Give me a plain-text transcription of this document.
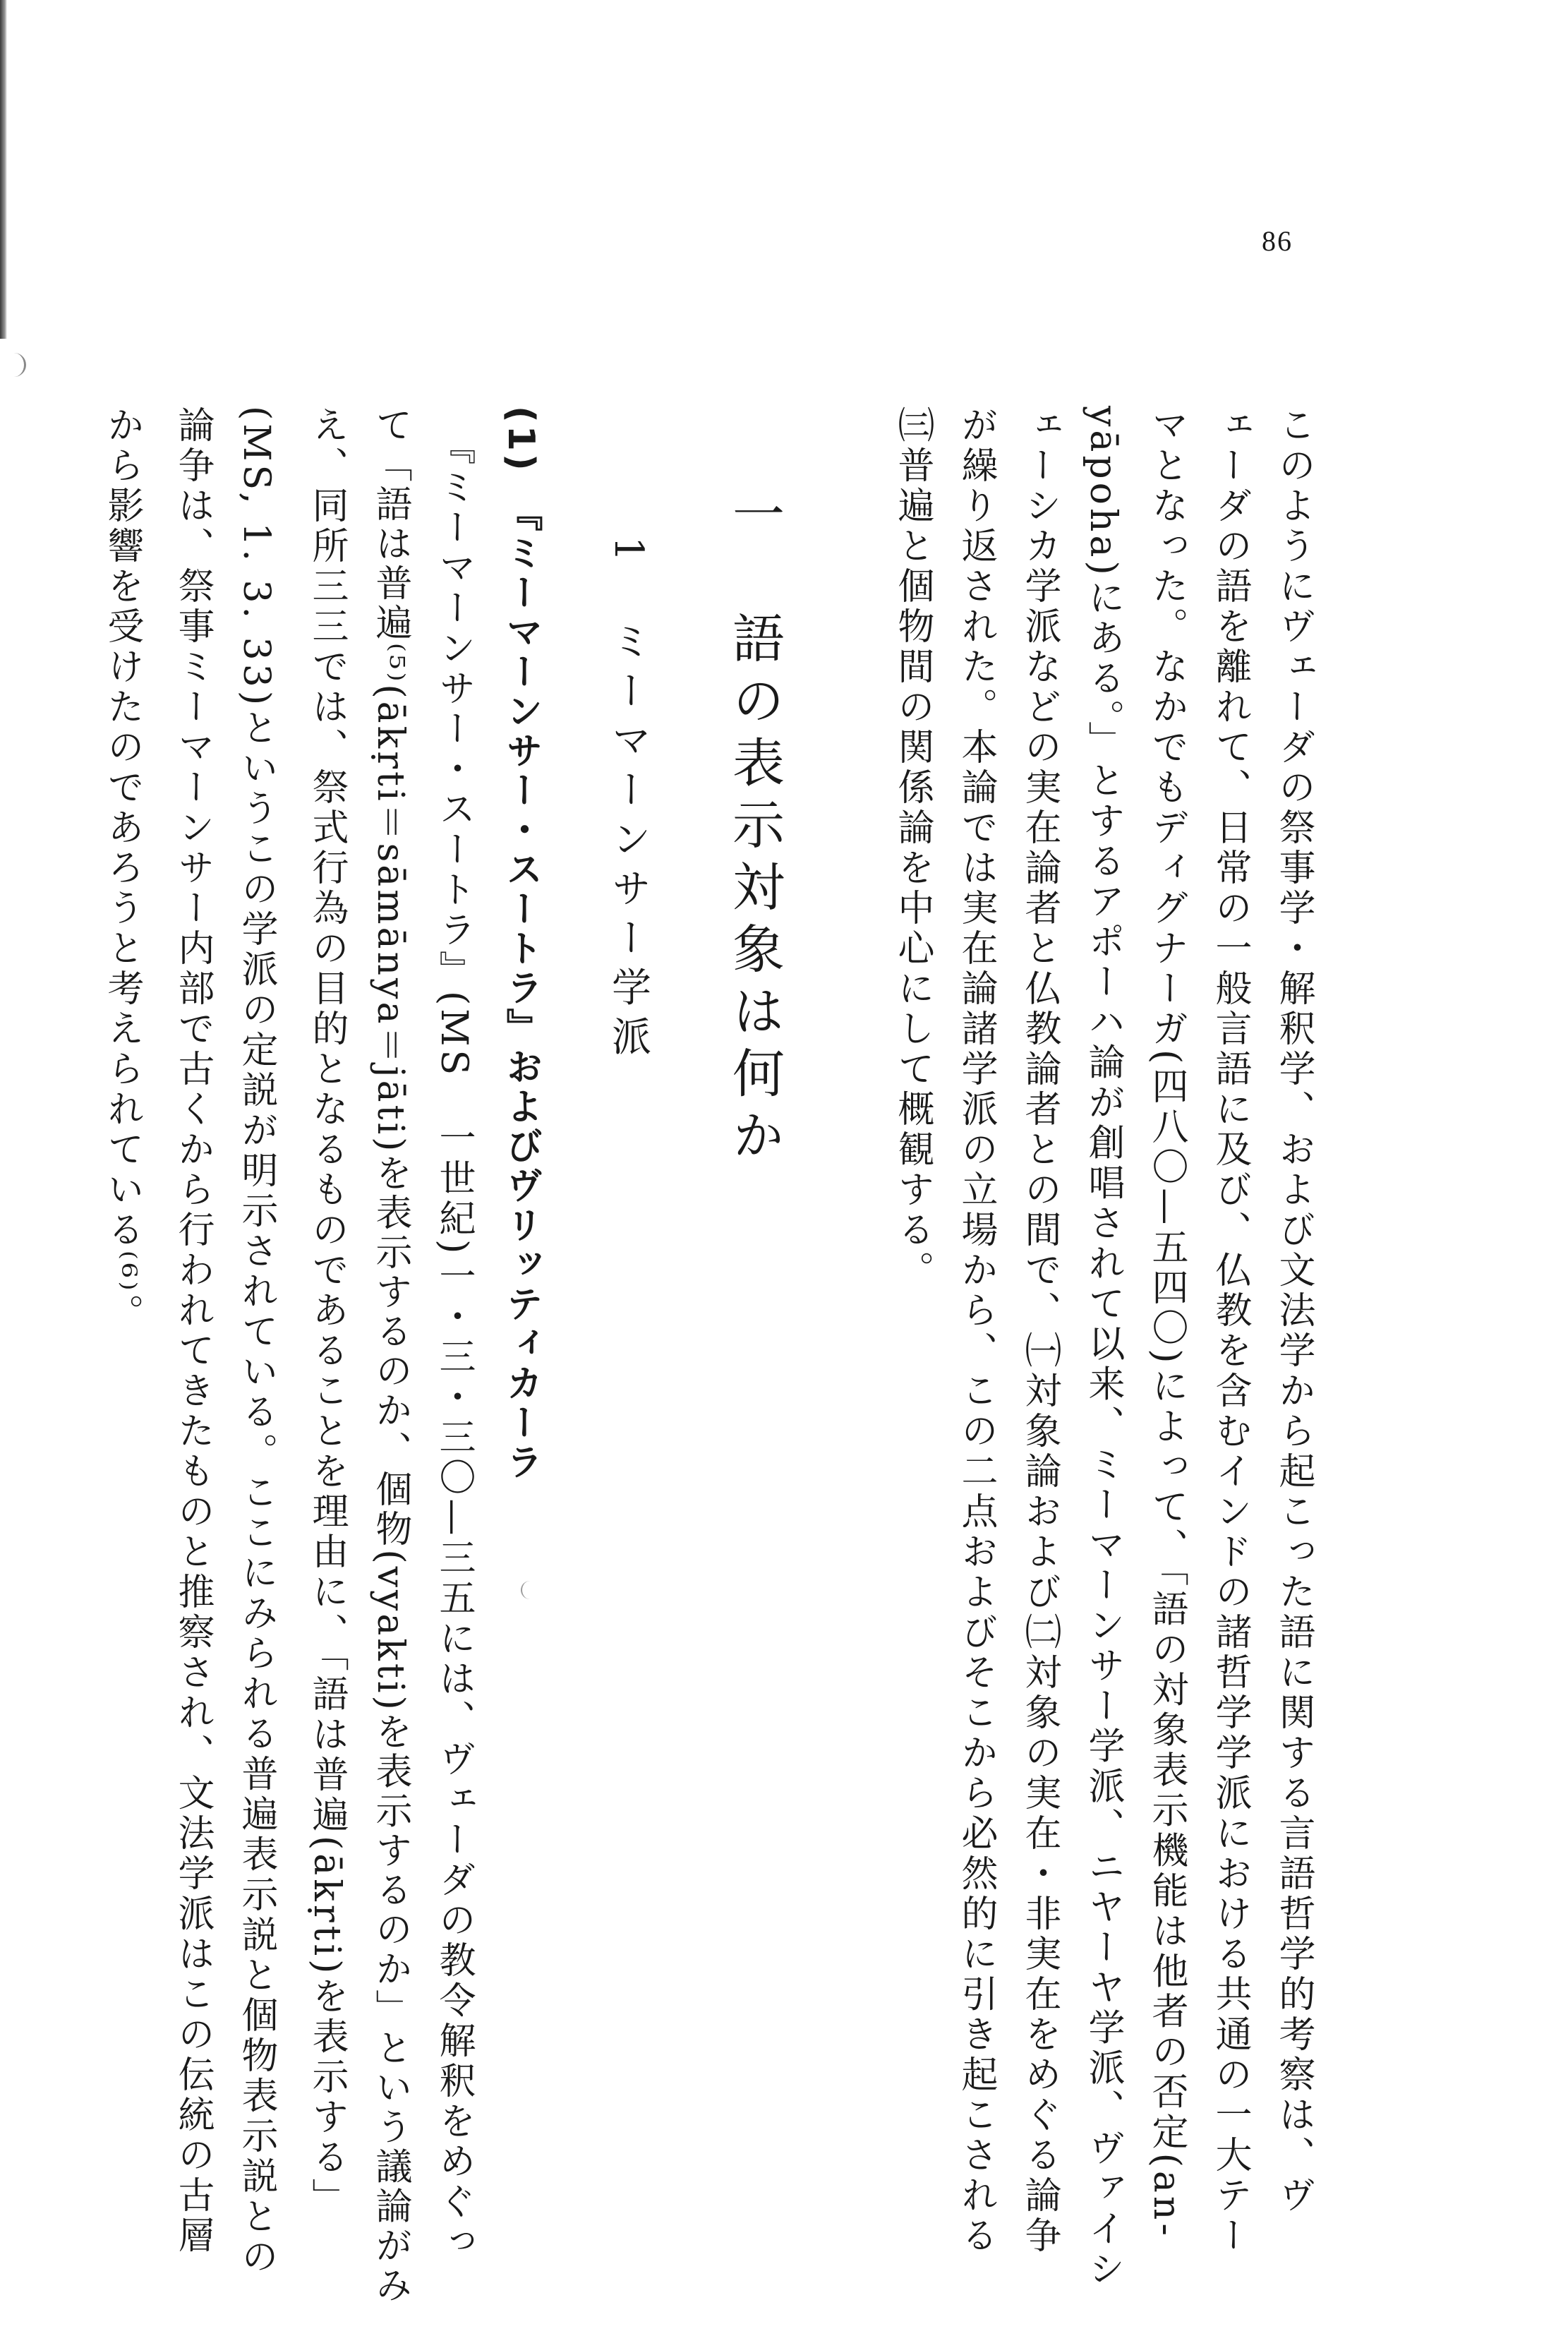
86
このようにヴェーダの祭事学・解釈学、および文法学から起こった語に関する言語哲学的考察は、ヴ
ェーダの語を離れて、日常の一般言語に及び、仏教を含むインドの諸哲学学派における共通の一大テー
マとなった。なかでもディグナーガ(四八〇—五四〇)によって、「語の対象表示機能は他者の否定(an-
yāpoha)にある。」とするアポーハ論が創唱されて以来、ミーマーンサー学派、ニヤーヤ学派、ヴァイシ
ェーシカ学派などの実在論者と仏教論者との間で、㈠対象論および㈡対象の実在・非実在をめぐる論争
が繰り返された。本論では実在論諸学派の立場から、この二点およびそこから必然的に引き起こされる
㈢普遍と個物間の関係論を中心にして概観する。
一　語の表示対象は何か
1　ミーマーンサー学派
(1)　『ミーマーンサー・スートラ』およびヴリッティカーラ
　『ミーマーンサー・スートラ』(MS　一世紀)一・三・三〇—三五には、ヴェーダの教令解釈をめぐっ
て「語は普遍⁽⁵⁾(ākṛti＝sāmānya＝jāti)を表示するのか、個物(vyakti)を表示するのか」という議論がみ
え、同所三三では、祭式行為の目的となるものであることを理由に、「語は普遍(ākṛti)を表示する」
(MS, 1. 3. 33)というこの学派の定説が明示されている。ここにみられる普遍表示説と個物表示説との
論争は、祭事ミーマーンサー内部で古くから行われてきたものと推察され、文法学派はこの伝統の古層
から影響を受けたのであろうと考えられている⁽⁶⁾。
